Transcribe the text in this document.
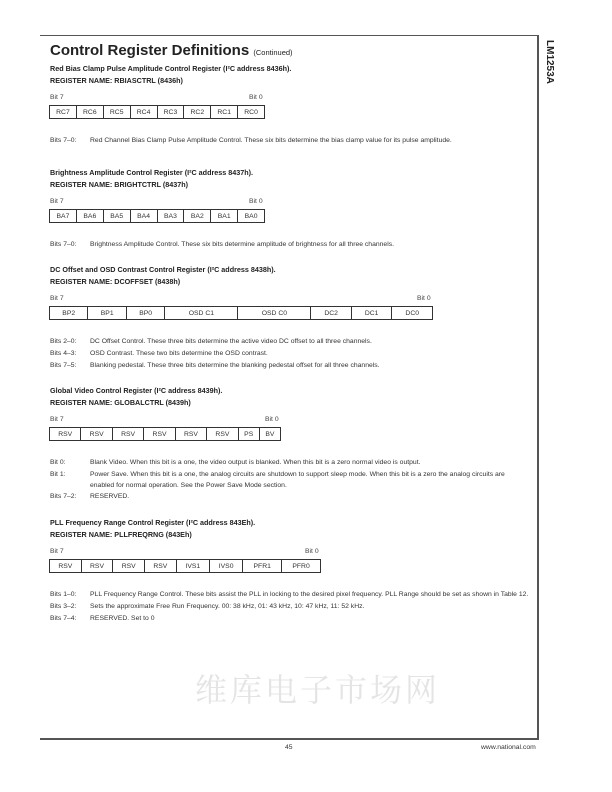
LM1253A
维库电子市场网
Control Register Definitions (Continued)
Red Bias Clamp Pulse Amplitude Control Register (I²C address 8436h).
REGISTER NAME: RBIASCTRL (8436h)
Bit 7	Bit 0
RC7	RC6	RC5	RC4	RC3	RC2	RC1	RC0
Bits 7–0:	Red Channel Bias Clamp Pulse Amplitude Control. These six bits determine the bias clamp value for its pulse amplitude.
Brightness Amplitude Control Register (I²C address 8437h).
REGISTER NAME: BRIGHTCTRL (8437h)
Bit 7	Bit 0
BA7	BA6	BA5	BA4	BA3	BA2	BA1	BA0
Bits 7–0:	Brightness Amplitude Control. These six bits determine amplitude of brightness for all three channels.
DC Offset and OSD Contrast Control Register (I²C address 8438h).
REGISTER NAME: DCOFFSET (8438h)
Bit 7	Bit 0
BP2	BP1	BP0	OSD C1	OSD C0	DC2	DC1	DC0
Bits 2–0:	DC Offset Control. These three bits determine the active video DC offset to all three channels.
Bits 4–3:	OSD Contrast. These two bits determine the OSD contrast.
Bits 7–5:	Blanking pedestal. These three bits determine the blanking pedestal offset for all three channels.
Global Video Control Register (I²C address 8439h).
REGISTER NAME: GLOBALCTRL (8439h)
Bit 7	Bit 0
RSV	RSV	RSV	RSV	RSV	RSV	PS	BV
Bit 0:	Blank Video. When this bit is a one, the video output is blanked. When this bit is a zero normal video is output.
Bit 1:	Power Save. When this bit is a one, the analog circuits are shutdown to support sleep mode. When this bit is a zero the analog circuits are enabled for normal operation. See the Power Save Mode section.
Bits 7–2:	RESERVED.
PLL Frequency Range Control Register (I²C address 843Eh).
REGISTER NAME: PLLFREQRNG (843Eh)
Bit 7	Bit 0
RSV	RSV	RSV	RSV	IVS1	IVS0	PFR1	PFR0
Bits 1–0:	PLL Frequency Range Control. These bits assist the PLL in locking to the desired pixel frequency. PLL Range should be set as shown in Table 12.
Bits 3–2:	Sets the approximate Free Run Frequency. 00: 38 kHz, 01: 43 kHz, 10: 47 kHz, 11: 52 kHz.
Bits 7–4:	RESERVED. Set to 0
45	www.national.com
